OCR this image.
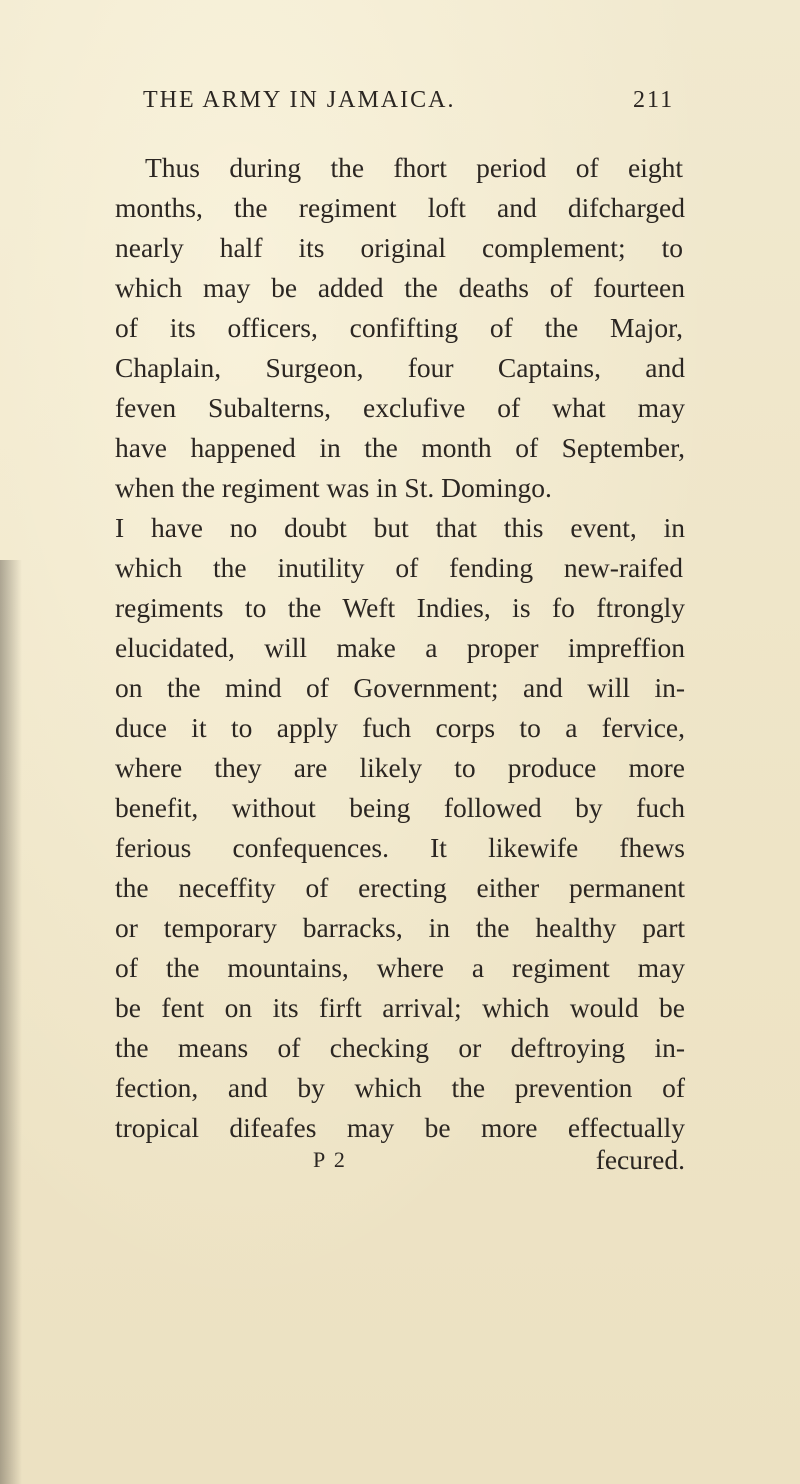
THE ARMY IN JAMAICA.	211
Thus during the fhort period of eight
months, the regiment loft and difcharged
nearly half its original complement; to
which may be added the deaths of fourteen
of its officers, confifting of the Major,
Chaplain, Surgeon, four Captains, and
feven Subalterns, exclufive of what may
have happened in the month of September,
when the regiment was in St. Domingo.
I have no doubt but that this event, in
which the inutility of fending new-raifed
regiments to the Weft Indies, is fo ftrongly
elucidated, will make a proper impreffion
on the mind of Government; and will in-
duce it to apply fuch corps to a fervice,
where they are likely to produce more
benefit, without being followed by fuch
ferious confequences. It likewife fhews
the neceffity of erecting either permanent
or temporary barracks, in the healthy part
of the mountains, where a regiment may
be fent on its firft arrival; which would be
the means of checking or deftroying in-
fection, and by which the prevention of
tropical difeafes may be more effectually
P 2	fecured.
